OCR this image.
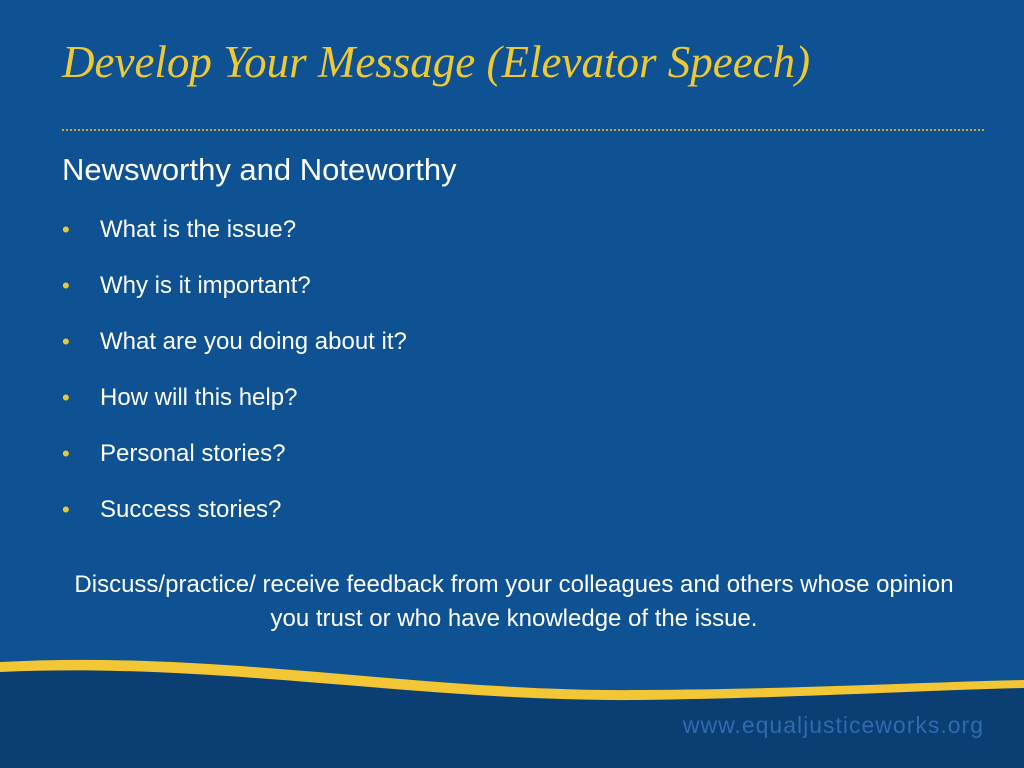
Develop Your Message (Elevator Speech)
Newsworthy and Noteworthy
•	What is the issue?
•	Why is it important?
•	What are you doing about it?
•	How will this help?
•	Personal stories?
•	Success stories?

Discuss/practice/ receive feedback from your colleagues and others whose opinion you trust or who have knowledge of the issue.

www.equaljusticeworks.org
